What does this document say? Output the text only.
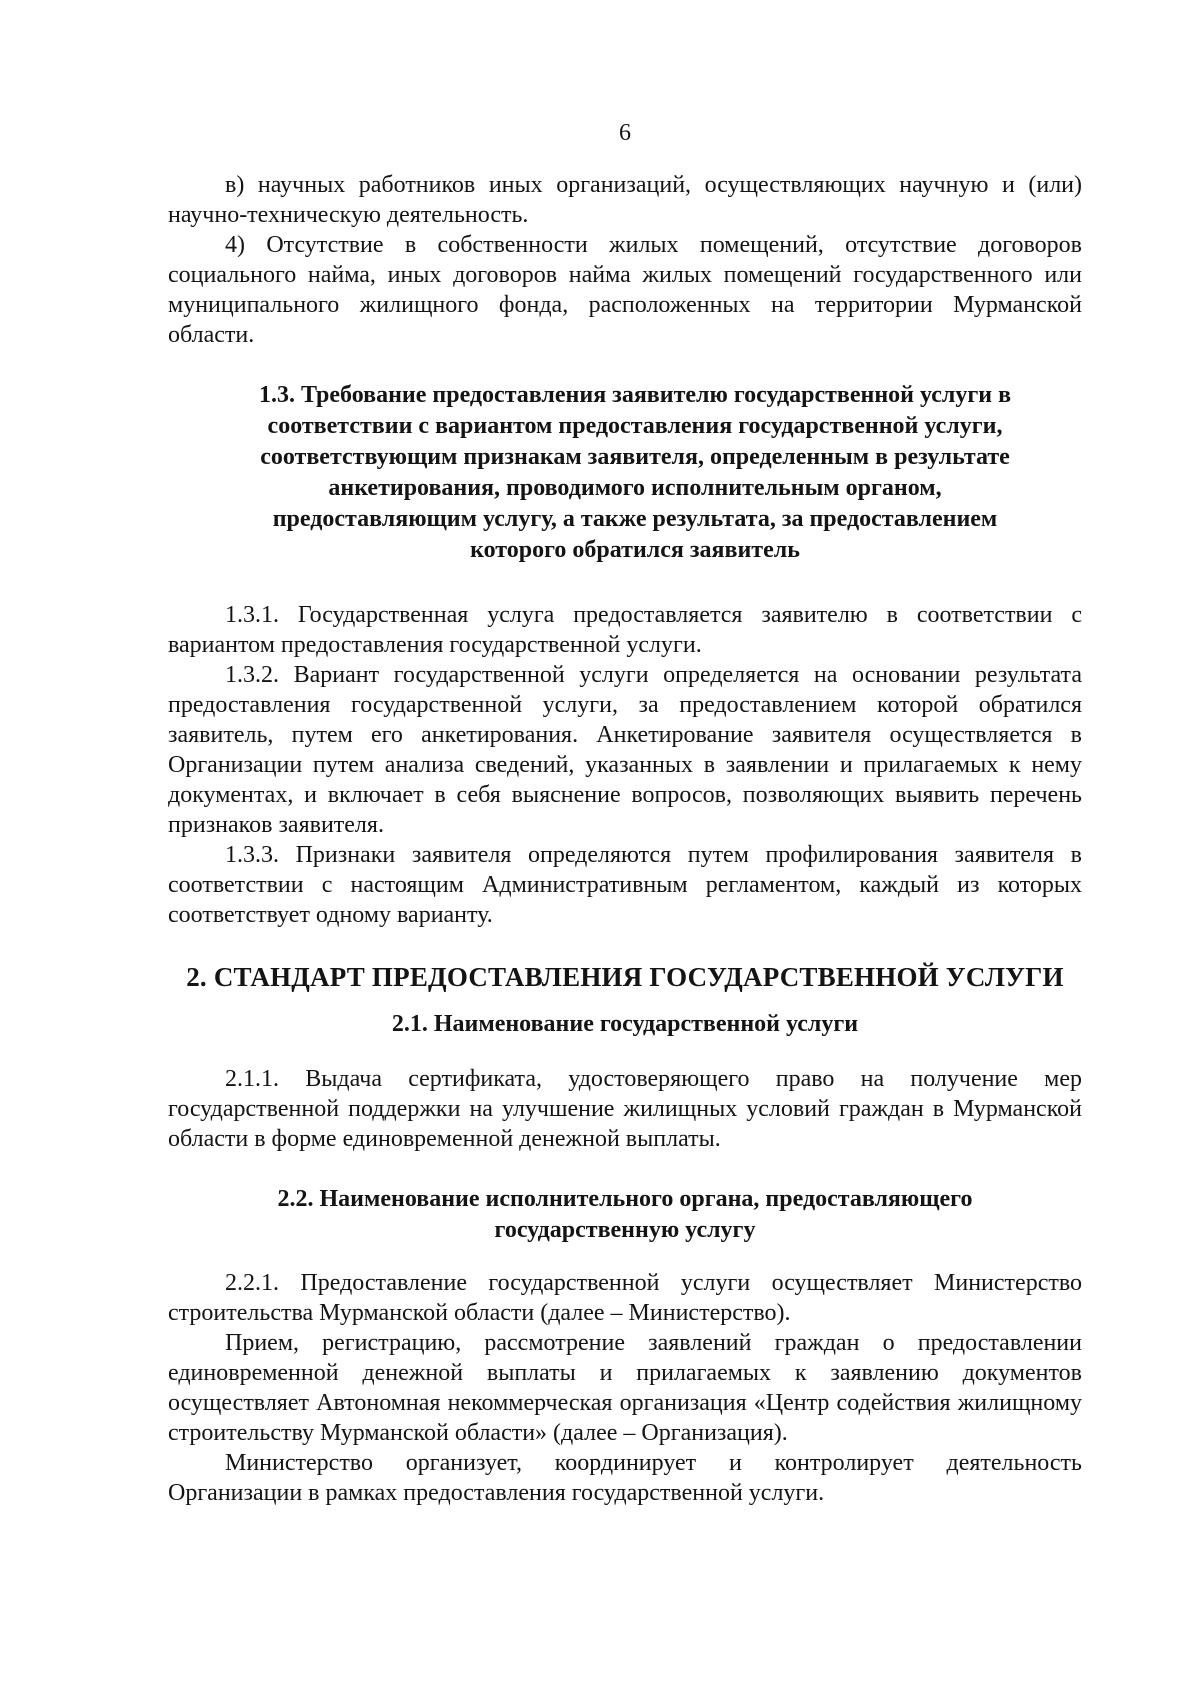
6

в) научных работников иных организаций, осуществляющих научную и (или) научно-техническую деятельность.

4) Отсутствие в собственности жилых помещений, отсутствие договоров социального найма, иных договоров найма жилых помещений государственного или муниципального жилищного фонда, расположенных на территории Мурманской области.

1.3. Требование предоставления заявителю государственной услуги в
соответствии с вариантом предоставления государственной услуги,
соответствующим признакам заявителя, определенным в результате
анкетирования, проводимого исполнительным органом,
предоставляющим услугу, а также результата, за предоставлением
которого обратился заявитель

1.3.1. Государственная услуга предоставляется заявителю в соответствии с вариантом предоставления государственной услуги.

1.3.2. Вариант государственной услуги определяется на основании результата предоставления государственной услуги, за предоставлением которой обратился заявитель, путем его анкетирования. Анкетирование заявителя осуществляется в Организации путем анализа сведений, указанных в заявлении и прилагаемых к нему документах, и включает в себя выяснение вопросов, позволяющих выявить перечень признаков заявителя.

1.3.3. Признаки заявителя определяются путем профилирования заявителя в соответствии с настоящим Административным регламентом, каждый из которых соответствует одному варианту.

2. СТАНДАРТ ПРЕДОСТАВЛЕНИЯ ГОСУДАРСТВЕННОЙ УСЛУГИ
2.1. Наименование государственной услуги

2.1.1. Выдача сертификата, удостоверяющего право на получение мер государственной поддержки на улучшение жилищных условий граждан в Мурманской области в форме единовременной денежной выплаты.

2.2. Наименование исполнительного органа, предоставляющего
государственную услугу

2.2.1. Предоставление государственной услуги осуществляет Министерство строительства Мурманской области (далее – Министерство).

Прием, регистрацию, рассмотрение заявлений граждан о предоставлении единовременной денежной выплаты и прилагаемых к заявлению документов осуществляет Автономная некоммерческая организация «Центр содействия жилищному строительству Мурманской области» (далее – Организация).

Министерство организует, координирует и контролирует деятельность Организации в рамках предоставления государственной услуги.
